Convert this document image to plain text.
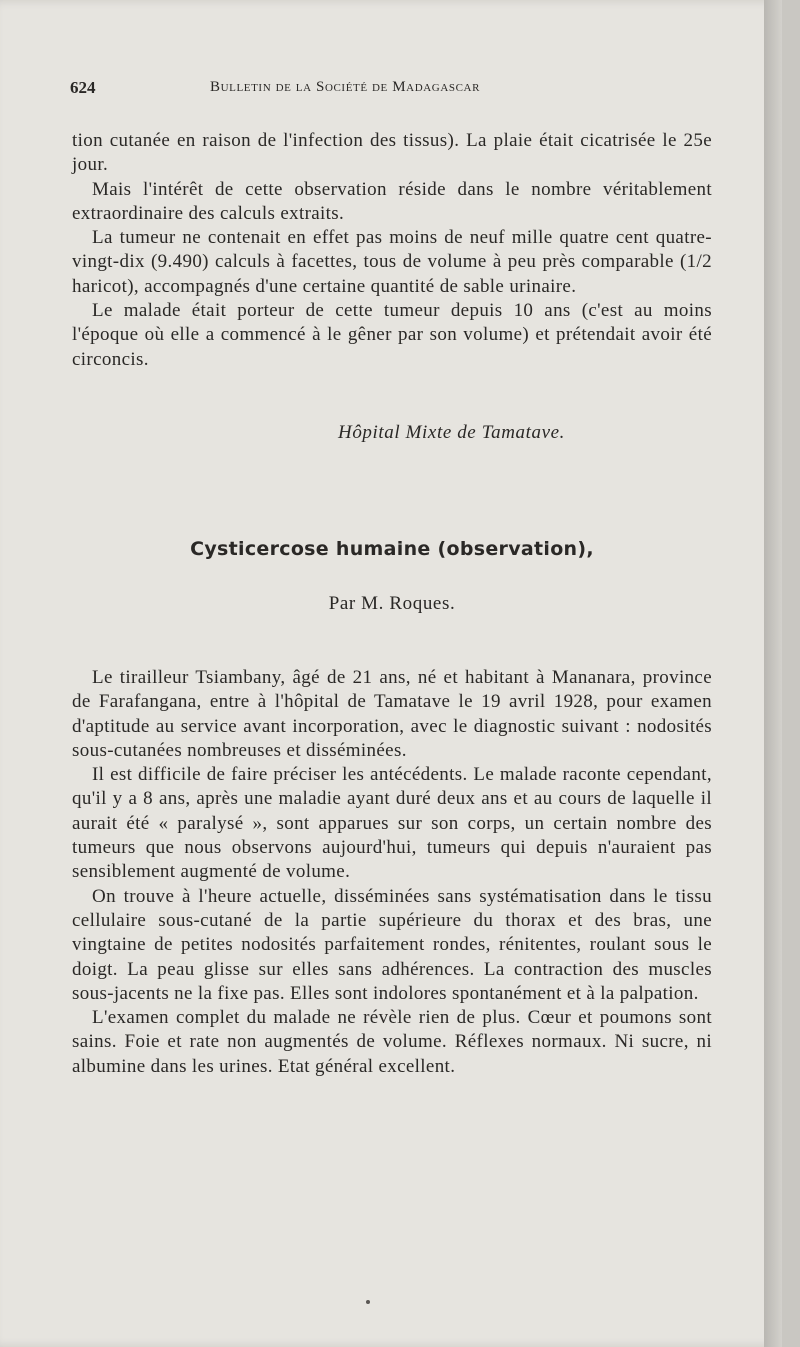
624	Bulletin de la Société de Madagascar

tion cutanée en raison de l'infection des tissus). La plaie était cicatrisée le 25e jour.

Mais l'intérêt de cette observation réside dans le nombre véritablement extraordinaire des calculs extraits.

La tumeur ne contenait en effet pas moins de neuf mille quatre cent quatre-vingt-dix (9.490) calculs à facettes, tous de volume à peu près comparable (1/2 haricot), accompagnés d'une certaine quantité de sable urinaire.

Le malade était porteur de cette tumeur depuis 10 ans (c'est au moins l'époque où elle a commencé à le gêner par son volume) et prétendait avoir été circoncis.

Hôpital Mixte de Tamatave.
Cysticercose humaine (observation),
Par M. Roques.

Le tirailleur Tsiambany, âgé de 21 ans, né et habitant à Mananara, province de Farafangana, entre à l'hôpital de Tamatave le 19 avril 1928, pour examen d'aptitude au service avant incorporation, avec le diagnostic suivant : nodosités sous-cutanées nombreuses et disséminées.

Il est difficile de faire préciser les antécédents. Le malade raconte cependant, qu'il y a 8 ans, après une maladie ayant duré deux ans et au cours de laquelle il aurait été « paralysé », sont apparues sur son corps, un certain nombre des tumeurs que nous observons aujourd'hui, tumeurs qui depuis n'auraient pas sensiblement augmenté de volume.

On trouve à l'heure actuelle, disséminées sans systématisation dans le tissu cellulaire sous-cutané de la partie supérieure du thorax et des bras, une vingtaine de petites nodosités parfaitement rondes, rénitentes, roulant sous le doigt. La peau glisse sur elles sans adhérences. La contraction des muscles sous-jacents ne la fixe pas. Elles sont indolores spontanément et à la palpation.

L'examen complet du malade ne révèle rien de plus. Cœur et poumons sont sains. Foie et rate non augmentés de volume. Réflexes normaux. Ni sucre, ni albumine dans les urines. Etat général excellent.
